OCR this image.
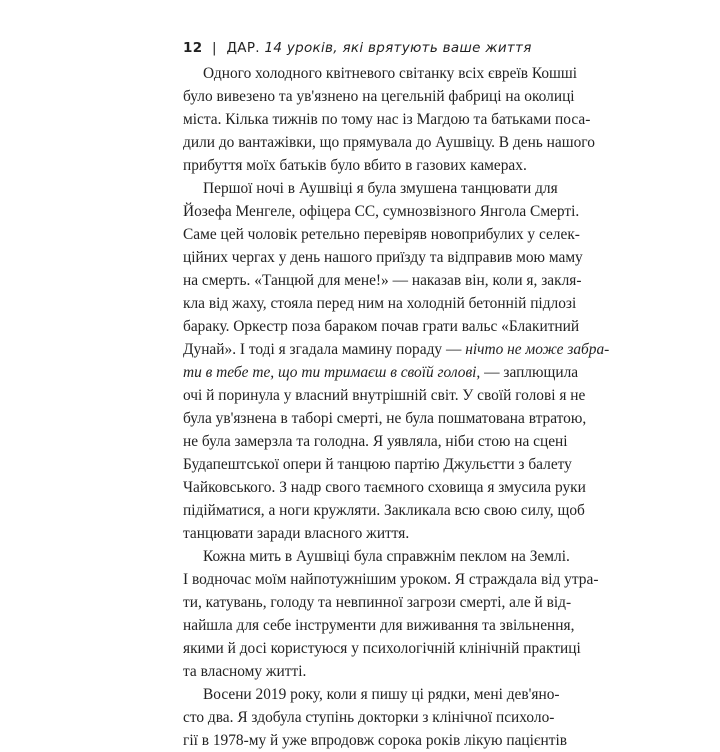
12 | ДАР. 14 уроків, які врятують ваше життя
Одного холодного квітневого світанку всіх євреїв Кошші
було вивезено та ув'язнено на цегельній фабриці на околиці
міста. Кілька тижнів по тому нас із Магдою та батьками поса-
дили до вантажівки, що прямувала до Аушвіцу. В день нашого
прибуття моїх батьків було вбито в газових камерах.
Першої ночі в Аушвіці я була змушена танцювати для
Йозефа Менгеле, офіцера СС, сумнозвізного Янгола Смерті.
Саме цей чоловік ретельно перевіряв новоприбулих у селек-
ційних чергах у день нашого приїзду та відправив мою маму
на смерть. «Танцюй для мене!» — наказав він, коли я, закля-
кла від жаху, стояла перед ним на холодній бетонній підлозі
бараку. Оркестр поза бараком почав грати вальс «Блакитний
Дунай». І тоді я згадала мамину пораду — нічто не може забра-
ти в тебе те, що ти тримаєш в своїй голові, — заплющила
очі й поринула у власний внутрішній світ. У своїй голові я не
була ув'язнена в таборі смерті, не була пошматована втратою,
не була замерзла та голодна. Я уявляла, ніби стою на сцені
Будапештської опери й танцюю партію Джульєтти з балету
Чайковського. З надр свого таємного сховища я змусила руки
підійматися, а ноги кружляти. Закликала всю свою силу, щоб
танцювати заради власного життя.
Кожна мить в Аушвіці була справжнім пеклом на Землі.
І водночас моїм найпотужнішим уроком. Я страждала від утра-
ти, катувань, голоду та невпинної загрози смерті, але й від-
найшла для себе інструменти для виживання та звільнення,
якими й досі користуюся у психологічній клінічній практиці
та власному житті.
Восени 2019 року, коли я пишу ці рядки, мені дев'яно-
сто два. Я здобула ступінь докторки з клінічної психоло-
гії в 1978-му й уже впродовж сорока років лікую пацієнтів
